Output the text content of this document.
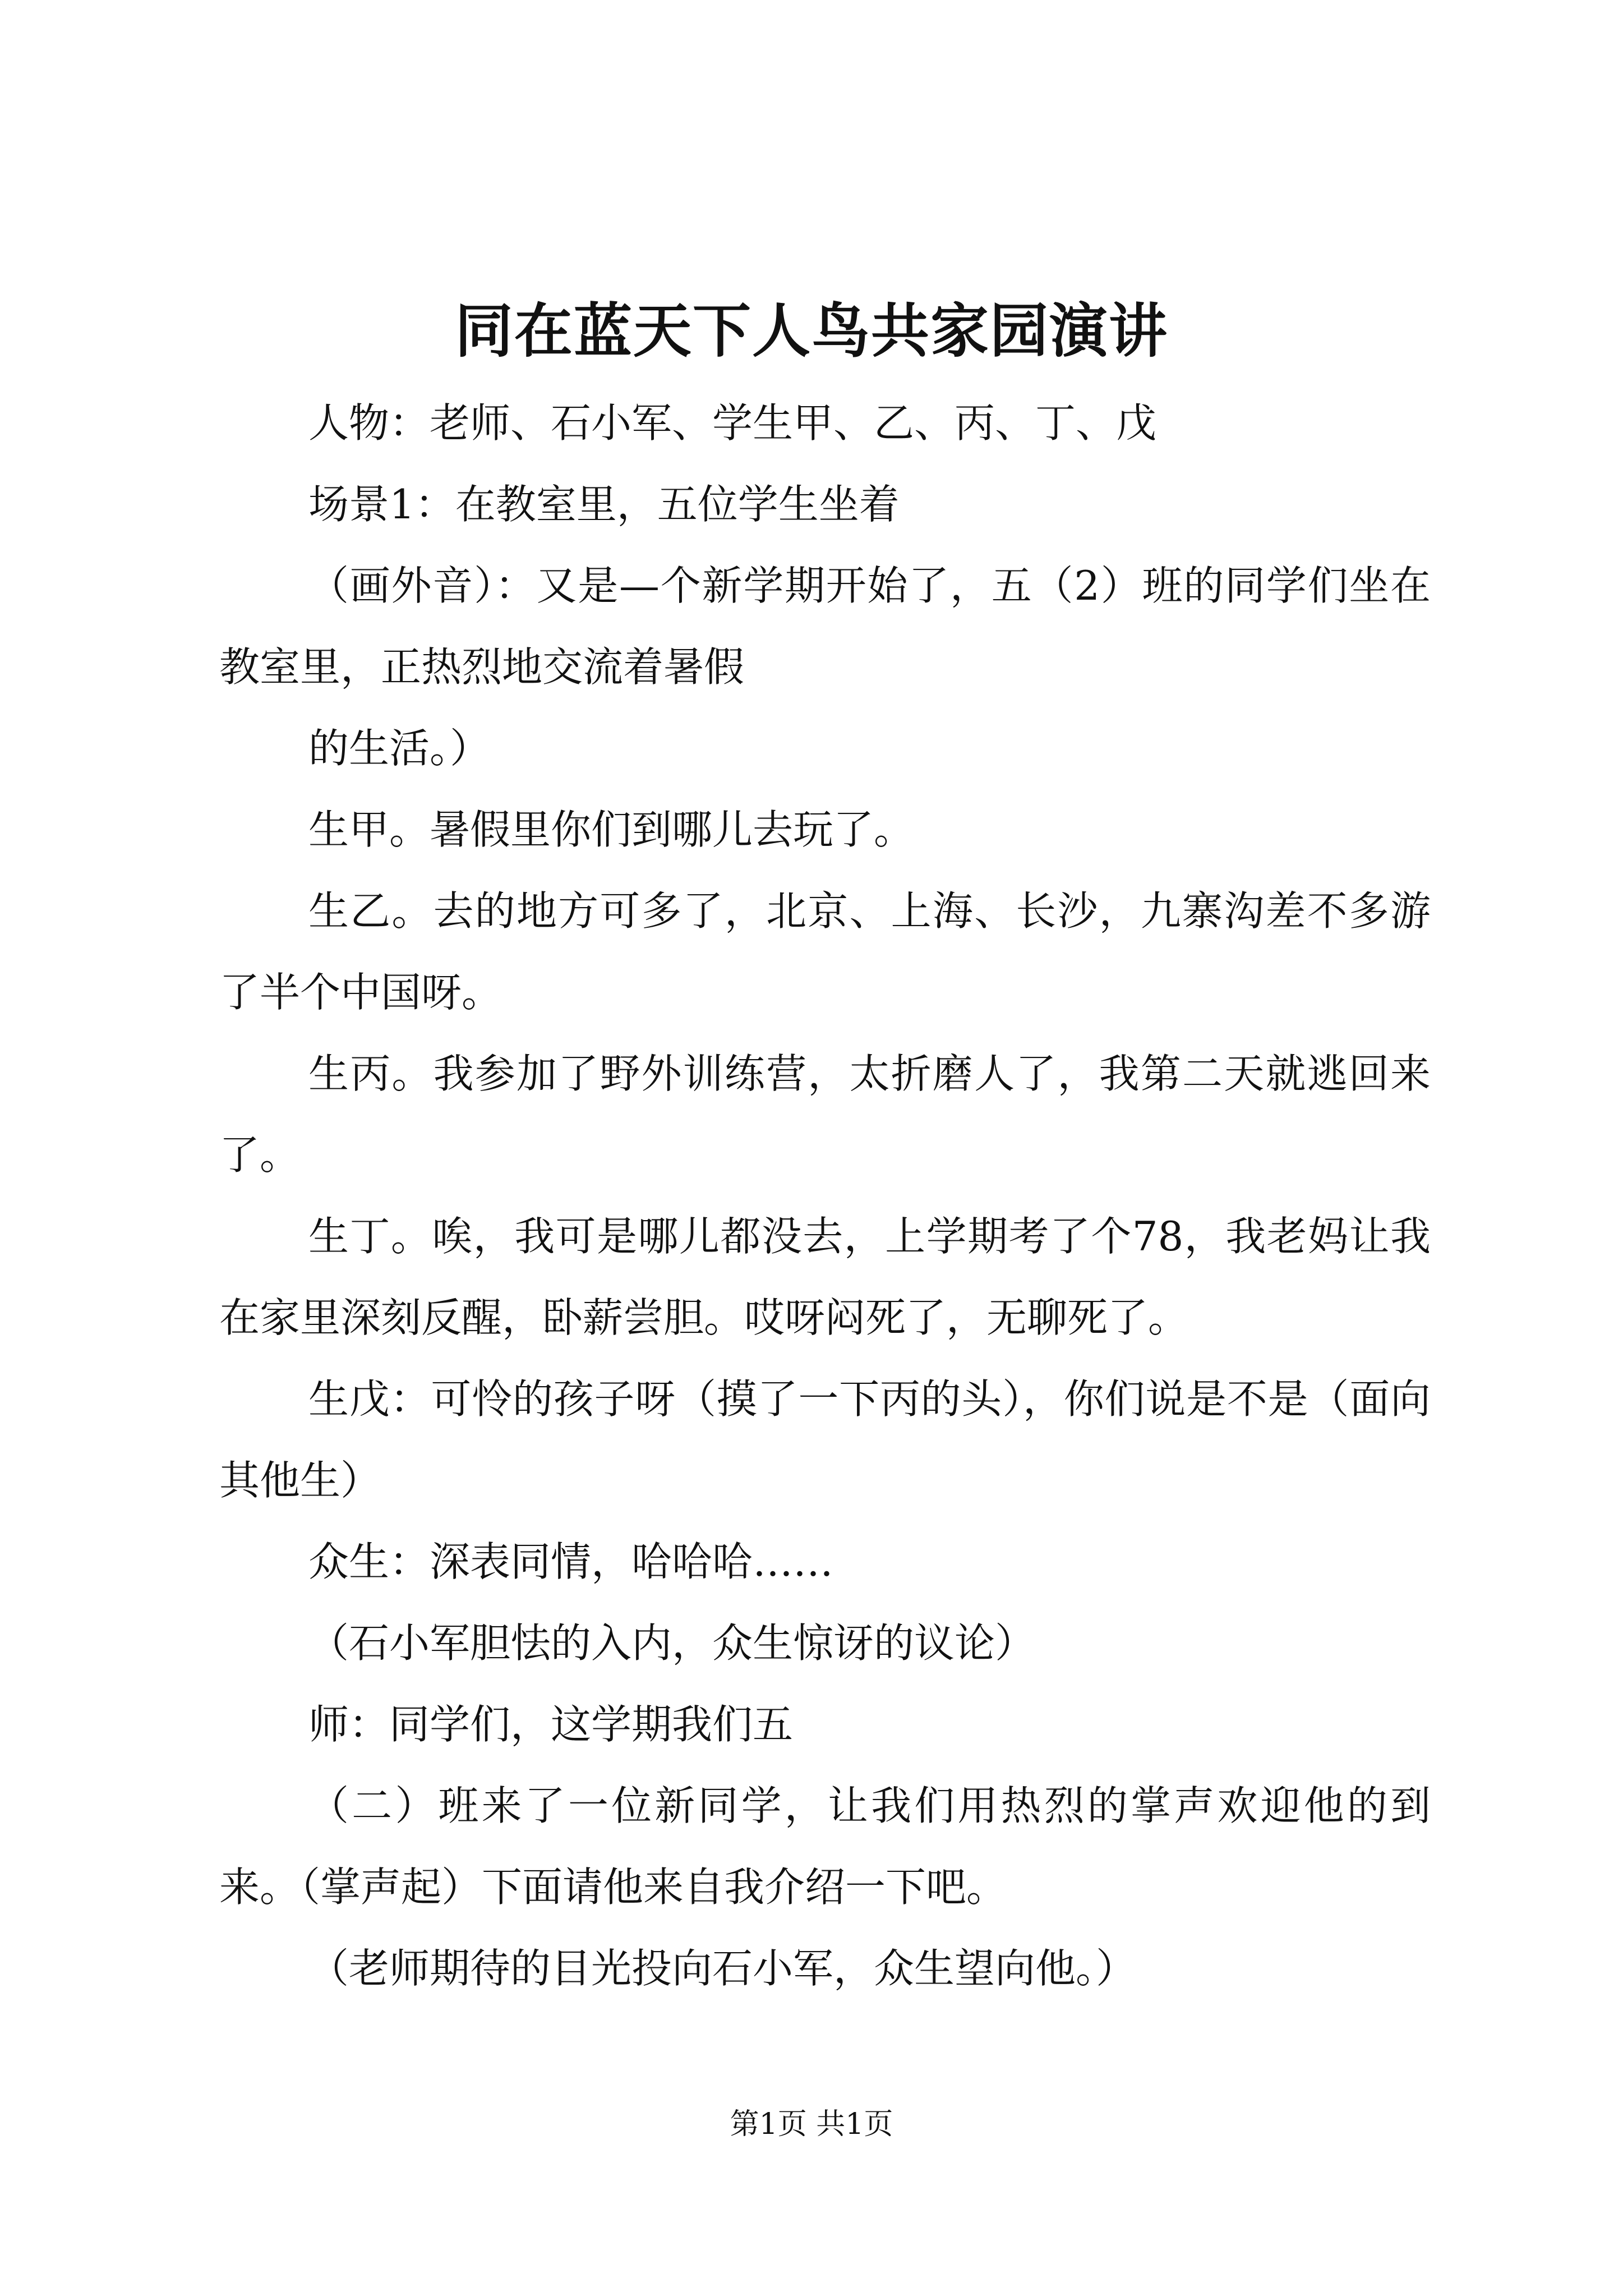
同在蓝天下人鸟共家园演讲

人物：老师、石小军、学生甲、乙、丙、丁、戊

场景1：在教室里，五位学生坐着

（画外音）：又是—个新学期开始了，五（2）班的同学们坐在教室里，正热烈地交流着暑假

的生活。）

生甲。暑假里你们到哪儿去玩了。

生乙。去的地方可多了，北京、上海、长沙，九寨沟差不多游了半个中国呀。

生丙。我参加了野外训练营，太折磨人了，我第二天就逃回来了。

生丁。唉，我可是哪儿都没去，上学期考了个78，我老妈让我在家里深刻反醒，卧薪尝胆。哎呀闷死了，无聊死了。

生戊：可怜的孩子呀（摸了一下丙的头），你们说是不是（面向其他生）

众生：深表同情，哈哈哈……

（石小军胆怯的入内，众生惊讶的议论）

师：同学们，这学期我们五

（二）班来了一位新同学，让我们用热烈的掌声欢迎他的到来。（掌声起）下面请他来自我介绍一下吧。

（老师期待的目光投向石小军，众生望向他。）

第1页 共1页
